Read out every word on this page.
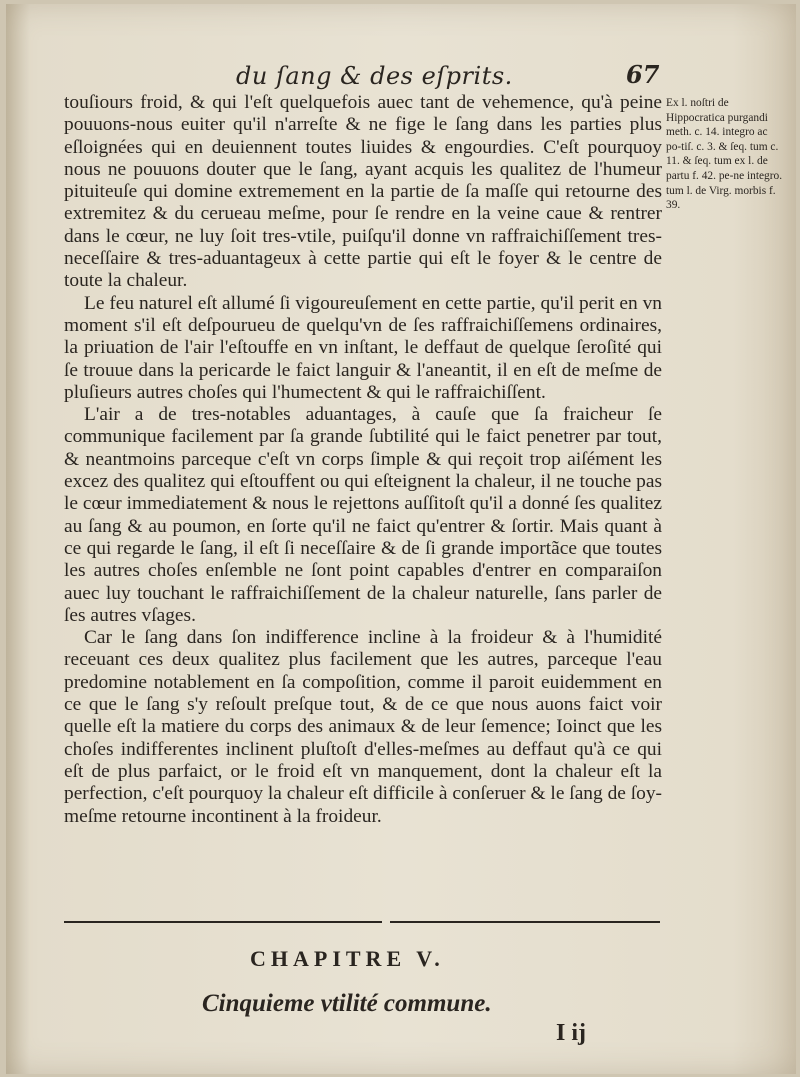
du ſang & des eſprits.	67

touſiours froid, & qui l'eſt quelquefois auec tant de vehemence, qu'à peine pouuons-nous euiter qu'il n'arreſte & ne fige le ſang dans les parties plus eſloignées qui en deuiennent toutes liuides & engourdies. C'eſt pourquoy nous ne pouuons douter que le ſang, ayant acquis les qualitez de l'humeur pituiteuſe qui domine extremement en la partie de ſa maſſe qui retourne des extremitez & du cerueau meſme, pour ſe rendre en la veine caue & rentrer dans le cœur, ne luy ſoit tres-vtile, puiſqu'il donne vn raffraichiſſement tres-neceſſaire & tres-aduantageux à cette partie qui eſt le foyer & le centre de toute la chaleur.

Le feu naturel eſt allumé ſi vigoureuſement en cette partie, qu'il perit en vn moment s'il eſt deſpourueu de quelqu'vn de ſes raffraichiſſemens ordinaires, la priuation de l'air l'eſtouffe en vn inſtant, le deffaut de quelque ſeroſité qui ſe trouue dans la pericarde le faict languir & l'aneantit, il en eſt de meſme de pluſieurs autres choſes qui l'humectent & qui le raffraichiſſent.

L'air a de tres-notables aduantages, à cauſe que ſa fraicheur ſe communique facilement par ſa grande ſubtilité qui le faict penetrer par tout, & neantmoins parceque c'eſt vn corps ſimple & qui reçoit trop aiſément les excez des qualitez qui eſtouffent ou qui eſteignent la chaleur, il ne touche pas le cœur immediatement & nous le rejettons auſſitoſt qu'il a donné ſes qualitez au ſang & au poumon, en ſorte qu'il ne faict qu'entrer & ſortir. Mais quant à ce qui regarde le ſang, il eſt ſi neceſſaire & de ſi grande importãce que toutes les autres choſes enſemble ne ſont point capables d'entrer en comparaiſon auec luy touchant le raffraichiſſement de la chaleur naturelle, ſans parler de ſes autres vſages.

Car le ſang dans ſon indifference incline à la froideur & à l'humidité receuant ces deux qualitez plus facilement que les autres, parceque l'eau predomine notablement en ſa compoſition, comme il paroit euidemment en ce que le ſang s'y reſoult preſque tout, & de ce que nous auons faict voir quelle eſt la matiere du corps des animaux & de leur ſemence; Ioinct que les choſes indifferentes inclinent pluſtoſt d'elles-meſmes au deffaut qu'à ce qui eſt de plus parfaict, or le froid eſt vn manquement, dont la chaleur eſt la perfection, c'eſt pourquoy la chaleur eſt difficile à conſeruer & le ſang de ſoy-meſme retourne incontinent à la froideur.

Ex l. noſtri de Hippocratica purgandi meth. c. 14. integro ac po-tiſ. c. 3. & ſeq. tum c. 11. & ſeq. tum ex l. de partu f. 42. pe-ne integro. tum l. de Virg. morbis f. 39.
CHAPITRE V.
Cinquieme vtilité commune.
I ij
